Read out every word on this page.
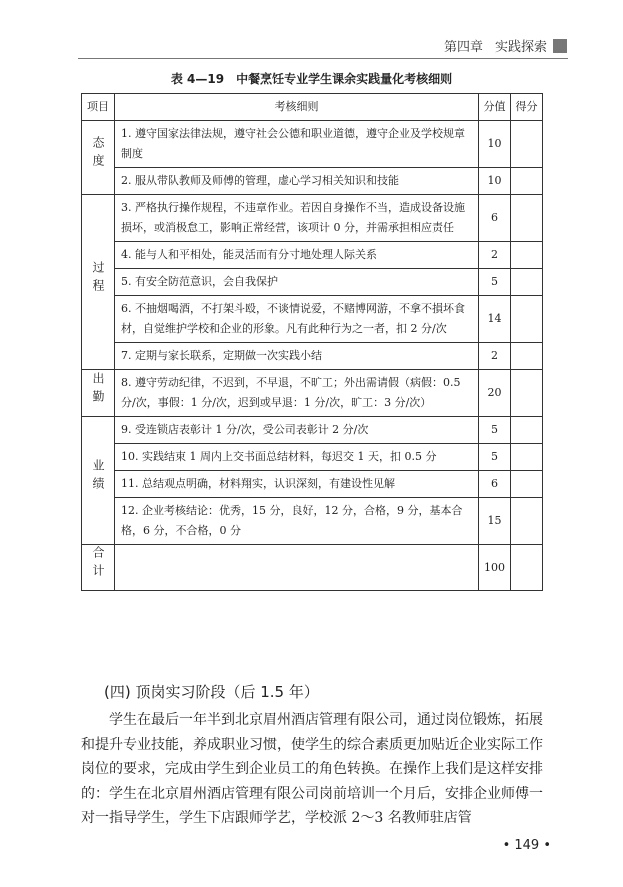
第四章 实践探索
表 4—19　中餐烹饪专业学生课余实践量化考核细则
项目	考核细则	分值	得分
态度	1. 遵守国家法律法规，遵守社会公德和职业道德，遵守企业及学校规章制度	10	
	2. 服从带队教师及师傅的管理，虚心学习相关知识和技能	10	
过程	3. 严格执行操作规程，不违章作业。若因自身操作不当，造成设备设施损坏，或消极怠工，影响正常经营，该项计 0 分，并需承担相应责任	6	
	4. 能与人和平相处，能灵活而有分寸地处理人际关系	2	
	5. 有安全防范意识，会自我保护	5	
	6. 不抽烟喝酒，不打架斗殴，不谈情说爱，不赌博网游，不拿不損坏食材，自觉维护学校和企业的形象。凡有此种行为之一者，扣 2 分/次	14	
	7. 定期与家长联系，定期做一次实践小结	2	
出勤	8. 遵守劳动纪律，不迟到，不早退，不旷工；外出需请假（病假：0.5 分/次，事假：1 分/次，迟到或早退：1 分/次，旷工：3 分/次）	20	
业绩	9. 受连锁店表彰计 1 分/次，受公司表彰计 2 分/次	5	
	10. 实践结束 1 周内上交书面总结材料，每迟交 1 天，扣 0.5 分	5	
	11. 总结观点明确，材料翔实，认识深刻，有建设性见解	6	
	12. 企业考核结论：优秀，15 分，良好，12 分，合格，9 分，基本合格，6 分，不合格，0 分	15	
合计		100	
(四) 顶岗实习阶段（后 1.5 年）
学生在最后一年半到北京眉州酒店管理有限公司，通过岗位锻炼，拓展和提升专业技能，养成职业习惯，使学生的综合素质更加贴近企业实际工作岗位的要求，完成由学生到企业员工的角色转换。在操作上我们是这样安排的：学生在北京眉州酒店管理有限公司岗前培训一个月后，安排企业师傅一对一指导学生，学生下店跟师学艺，学校派 2～3 名教师驻店管
• 149 •
